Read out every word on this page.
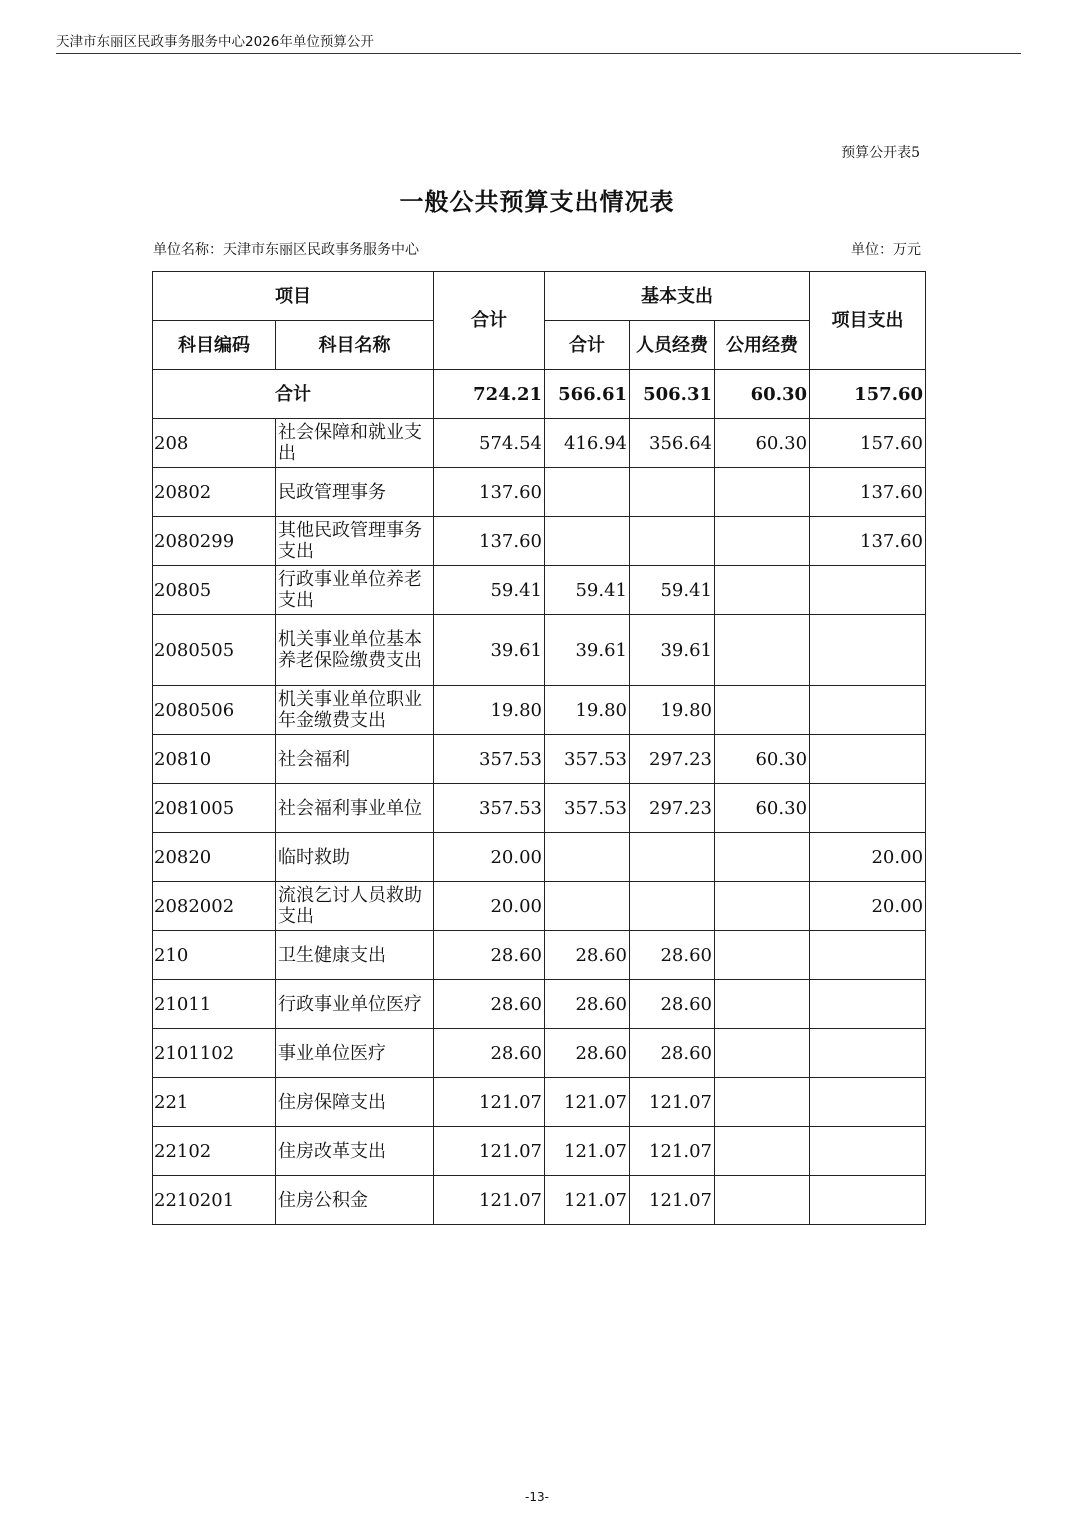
天津市东丽区民政事务服务中心2026年单位预算公开
预算公开表5
一般公共预算支出情况表
单位名称：天津市东丽区民政事务服务中心	单位：万元
项目		合计	基本支出			项目支出
科目编码	科目名称		合计	人员经费	公用经费	
合计		724.21	566.61	506.31	60.30	157.60
208	社会保障和就业支出	574.54	416.94	356.64	60.30	157.60
20802	民政管理事务	137.60				137.60
2080299	其他民政管理事务支出	137.60				137.60
20805	行政事业单位养老支出	59.41	59.41	59.41		
2080505	机关事业单位基本养老保险缴费支出	39.61	39.61	39.61		
2080506	机关事业单位职业年金缴费支出	19.80	19.80	19.80		
20810	社会福利	357.53	357.53	297.23	60.30	
2081005	社会福利事业单位	357.53	357.53	297.23	60.30	
20820	临时救助	20.00				20.00
2082002	流浪乞讨人员救助支出	20.00				20.00
210	卫生健康支出	28.60	28.60	28.60		
21011	行政事业单位医疗	28.60	28.60	28.60		
2101102	事业单位医疗	28.60	28.60	28.60		
221	住房保障支出	121.07	121.07	121.07		
22102	住房改革支出	121.07	121.07	121.07		
2210201	住房公积金	121.07	121.07	121.07		
-13-
